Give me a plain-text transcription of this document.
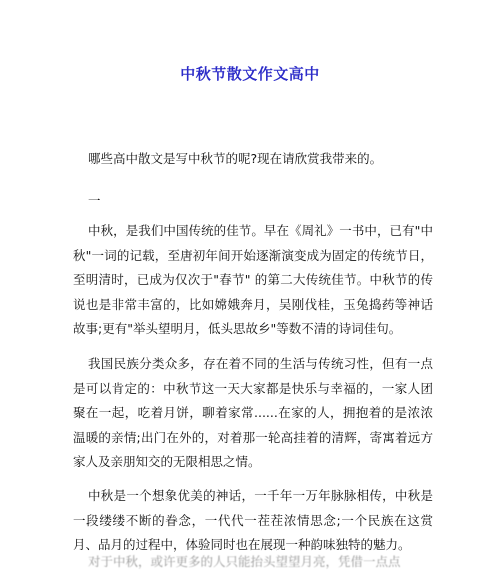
中秋节散文作文高中

哪些高中散文是写中秋节的呢?现在请欣赏我带来的。

一

中秋，是我们中国传统的佳节。早在《周礼》一书中，已有"中秋"一词的记载，至唐初年间开始逐渐演变成为固定的传统节日，至明清时，已成为仅次于"春节" 的第二大传统佳节。中秋节的传说也是非常丰富的，比如嫦娥奔月，吴刚伐桂，玉兔捣药等神话故事;更有"举头望明月，低头思故乡"等数不清的诗词佳句。

我国民族分类众多，存在着不同的生活与传统习性，但有一点是可以肯定的：中秋节这一天大家都是快乐与幸福的，一家人团聚在一起，吃着月饼，聊着家常......在家的人，拥抱着的是浓浓温暖的亲情;出门在外的，对着那一轮高挂着的清辉，寄寓着远方家人及亲朋知交的无限相思之情。

中秋是一个想象优美的神话，一千年一万年脉脉相传，中秋是一段缕缕不断的眷念，一代代一茬茬浓情思念;一个民族在这赏月、品月的过程中，体验同时也在展现一种韵味独特的魅力。

对于中秋，或许更多的人只能抬头望望月亮，凭借一点点
